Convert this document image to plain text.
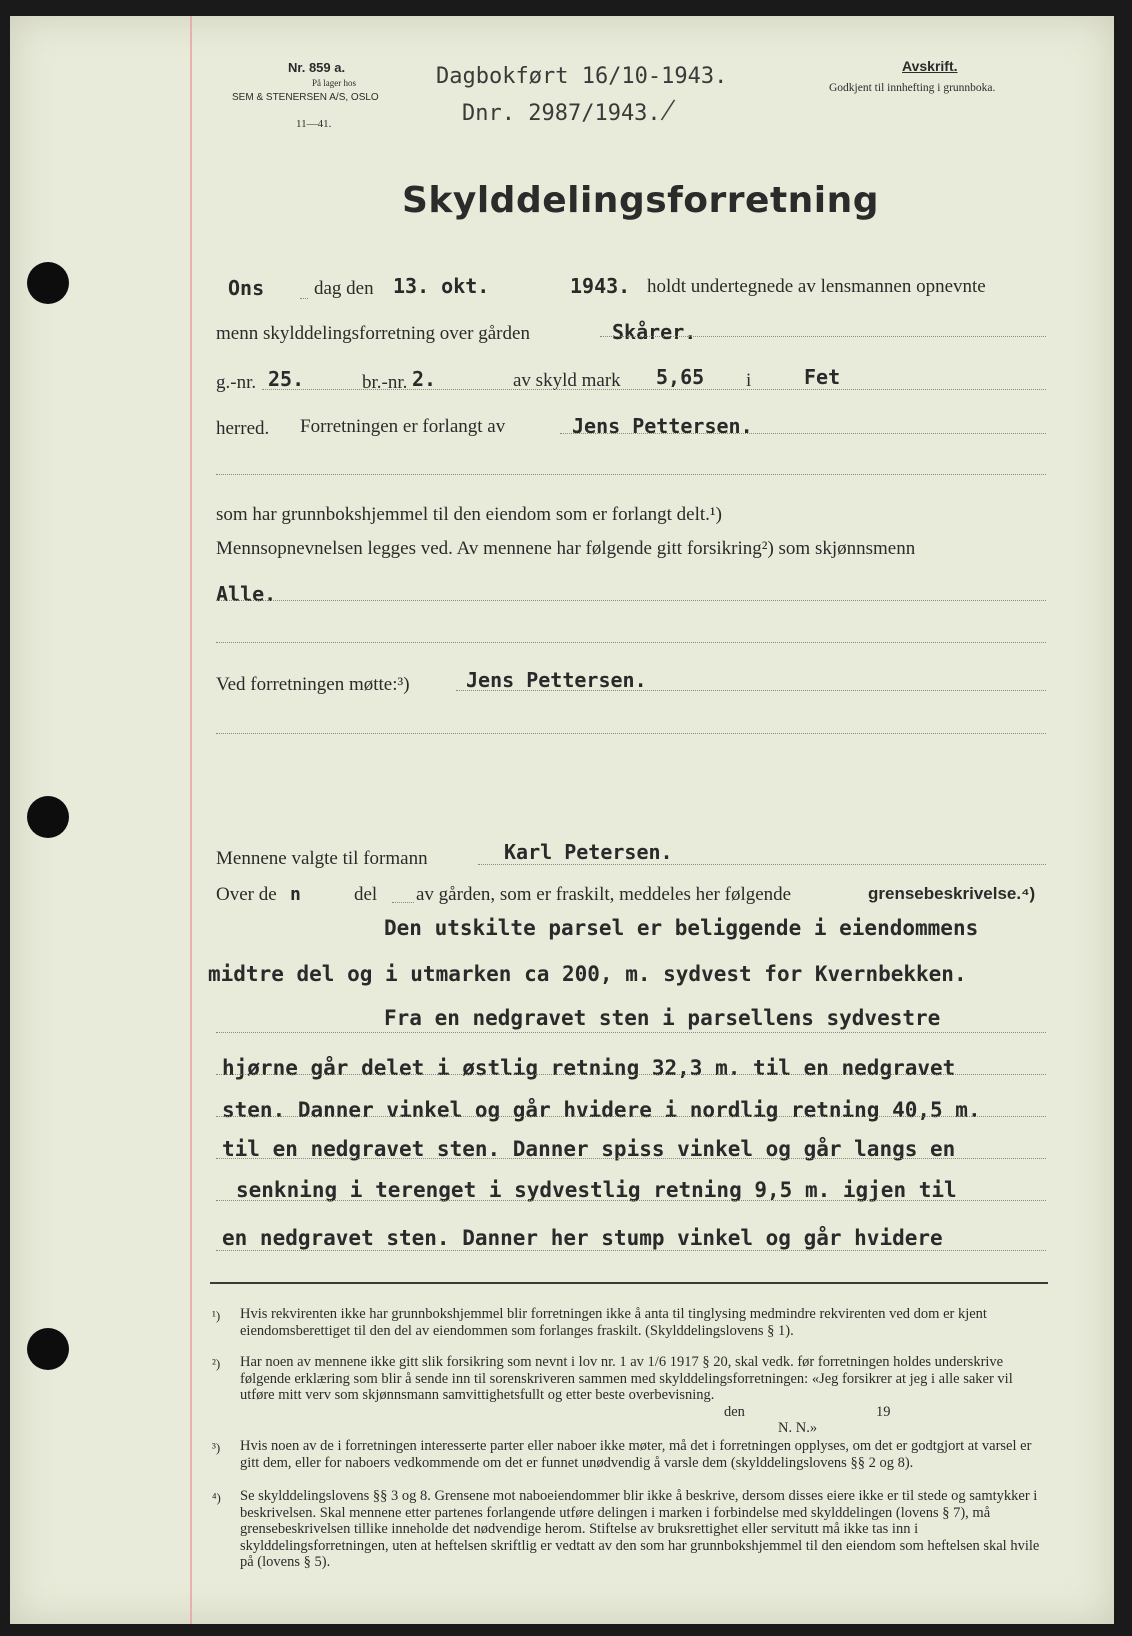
Nr. 859 a.
På lager hos
SEM & STENERSEN A/S, OSLO
11—41.
Dagbokført 16/10-1943.
Dnr. 2987/1943.
/
Avskrift.
Godkjent til innhefting i grunnboka.
Skylddelingsforretning
Ons	dag den 13. okt.	1943. holdt undertegnede av lensmannen opnevnte
menn skylddelingsforretning over gården	Skårer.
g.-nr. 25.	br.-nr. 2.	av skyld mark 5,65 i	Fet
herred. Forretningen er forlangt av	Jens Pettersen.
som har grunnbokshjemmel til den eiendom som er forlangt delt.¹)
Mennsopnevnelsen legges ved. Av mennene har følgende gitt forsikring²) som skjønnsmenn
Alle.
Ved forretningen møtte:³)	Jens Pettersen.
Mennene valgte til formann	Karl Petersen.
Over de n	del av gården, som er fraskilt, meddeles her følgende	grensebeskrivelse.⁴)
Den utskilte parsel er beliggende i eiendommens
midtre del og i utmarken ca 200, m. sydvest for Kvernbekken.
Fra en nedgravet sten i parsellens sydvestre
hjørne går delet i østlig retning 32,3 m. til en nedgravet
sten. Danner vinkel og går hvidere i nordlig retning 40,5 m.
til en nedgravet sten. Danner spiss vinkel og går langs en
senkning i terenget i sydvestlig retning 9,5 m. igjen til
en nedgravet sten. Danner her stump vinkel og går hvidere
¹) Hvis rekvirenten ikke har grunnbokshjemmel blir forretningen ikke å anta til tinglysing medmindre rekvirenten ved dom er kjent eiendomsberettiget til den del av eiendommen som forlanges fraskilt. (Skylddelingslovens § 1).
²) Har noen av mennene ikke gitt slik forsikring som nevnt i lov nr. 1 av 1/6 1917 § 20, skal vedk. før forretningen holdes underskrive følgende erklæring som blir å sende inn til sorenskriveren sammen med skylddelingsforretningen: «Jeg forsikrer at jeg i alle saker vil utføre mitt verv som skjønnsmann samvittighetsfullt og etter beste overbevisning.
den	19
N. N.»
³) Hvis noen av de i forretningen interesserte parter eller naboer ikke møter, må det i forretningen opplyses, om det er godtgjort at varsel er gitt dem, eller for naboers vedkommende om det er funnet unødvendig å varsle dem (skylddelingslovens §§ 2 og 8).
⁴) Se skylddelingslovens §§ 3 og 8. Grensene mot naboeiendommer blir ikke å beskrive, dersom disses eiere ikke er til stede og samtykker i beskrivelsen. Skal mennene etter partenes forlangende utføre delingen i marken i forbindelse med skylddelingen (lovens § 7), må grensebeskrivelsen tillike inneholde det nødvendige herom. Stiftelse av bruksrettighet eller servitutt må ikke tas inn i skylddelingsforretningen, uten at heftelsen skriftlig er vedtatt av den som har grunnbokshjemmel til den eiendom som heftelsen skal hvile på (lovens § 5).
